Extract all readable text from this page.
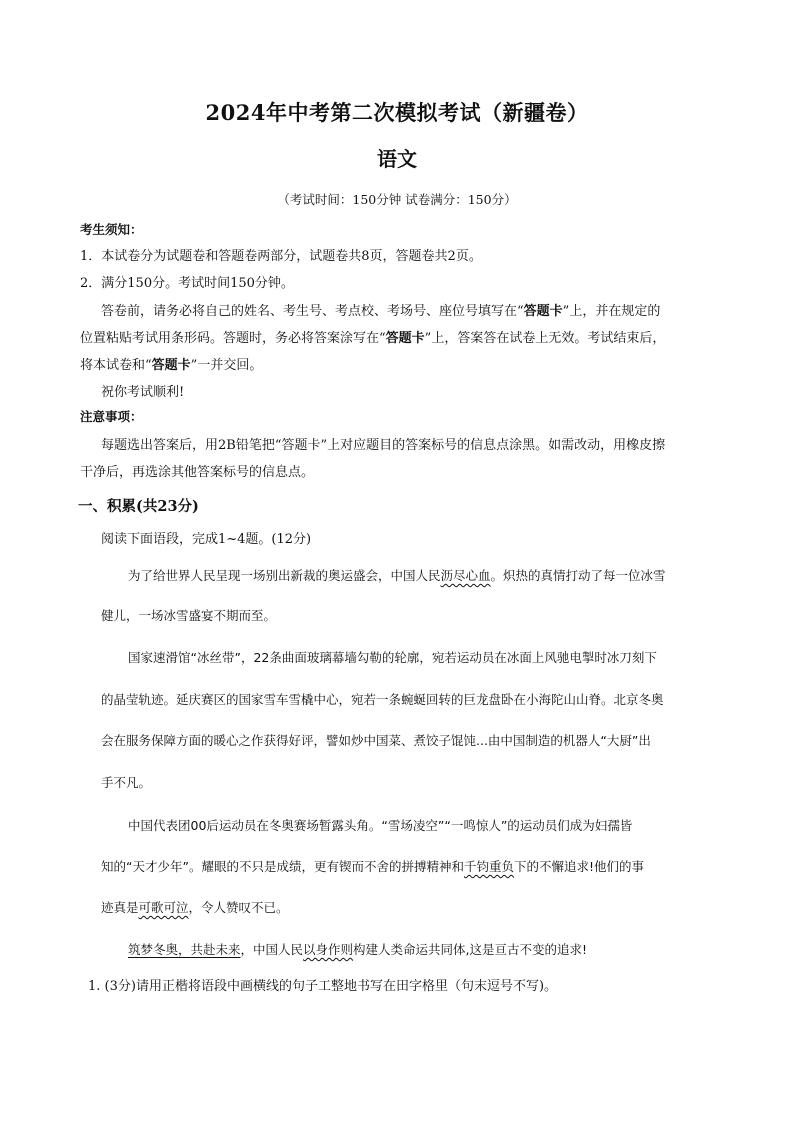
2024年中考第二次模拟考试（新疆卷）
语文
（考试时间：150分钟 试卷满分：150分）
考生须知：
1．本试卷分为试题卷和答题卷两部分，试题卷共8页，答题卷共2页。
2．满分150分。考试时间150分钟。
答卷前，请务必将自己的姓名、考生号、考点校、考场号、座位号填写在“答题卡”上，并在规定的
位置粘贴考试用条形码。答题时，务必将答案涂写在“答题卡”上，答案答在试卷上无效。考试结束后，
将本试卷和“答题卡”一并交回。
祝你考试顺利!
注意事项：
每题选出答案后，用2B铅笔把“答题卡”上对应题目的答案标号的信息点涂黑。如需改动，用橡皮擦
干净后，再选涂其他答案标号的信息点。
一、积累(共23分)
阅读下面语段，完成1~4题。(12分)
为了给世界人民呈现一场别出新裁的奥运盛会，中国人民沥尽心血。炽热的真情打动了每一位冰雪
健儿，一场冰雪盛宴不期而至。
国家速滑馆“冰丝带”，22条曲面玻璃幕墙勾勒的轮廓，宛若运动员在冰面上风驰电掣时冰刀刻下
的晶莹轨迹。延庆赛区的国家雪车雪橇中心，宛若一条蜿蜒回转的巨龙盘卧在小海陀山山脊。北京冬奥
会在服务保障方面的暖心之作获得好评，譬如炒中国菜、煮饺子馄饨...由中国制造的机器人“大厨”出
手不凡。
中国代表团00后运动员在冬奥赛场暂露头角。“雪场凌空”“一鸣惊人”的运动员们成为妇孺皆
知的“天才少年”。耀眼的不只是成绩，更有锲而不舍的拼搏精神和千钧重负下的不懈追求!他们的事
迹真是可歌可泣，令人赞叹不已。
筑梦冬奥，共赴未来，中国人民以身作则构建人类命运共同体,这是亘古不变的追求!
1. (3分)请用正楷将语段中画横线的句子工整地书写在田字格里（句末逗号不写)。
